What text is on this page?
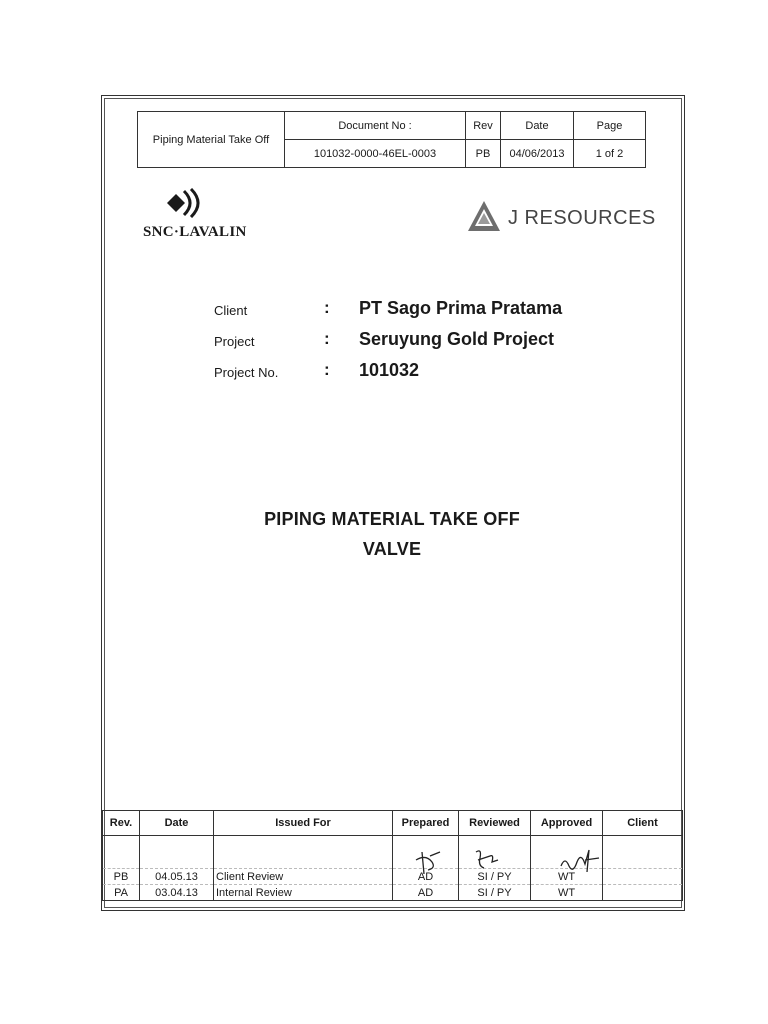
Piping Material Take Off	Document No :	Rev	Date	Page
	101032-0000-46EL-0003	PB	04/06/2013	1 of 2
SNC·LAVALIN
J RESOURCES
Client	: PT Sago Prima Pratama
Project	: Seruyung Gold Project
Project No.	: 101032
PIPING MATERIAL TAKE OFF
VALVE
Rev.	Date	Issued For	Prepared	Reviewed	Approved	Client

PB	04.05.13	Client Review	AD	SI / PY	WT	
PA	03.04.13	Internal Review	AD	SI / PY	WT	
